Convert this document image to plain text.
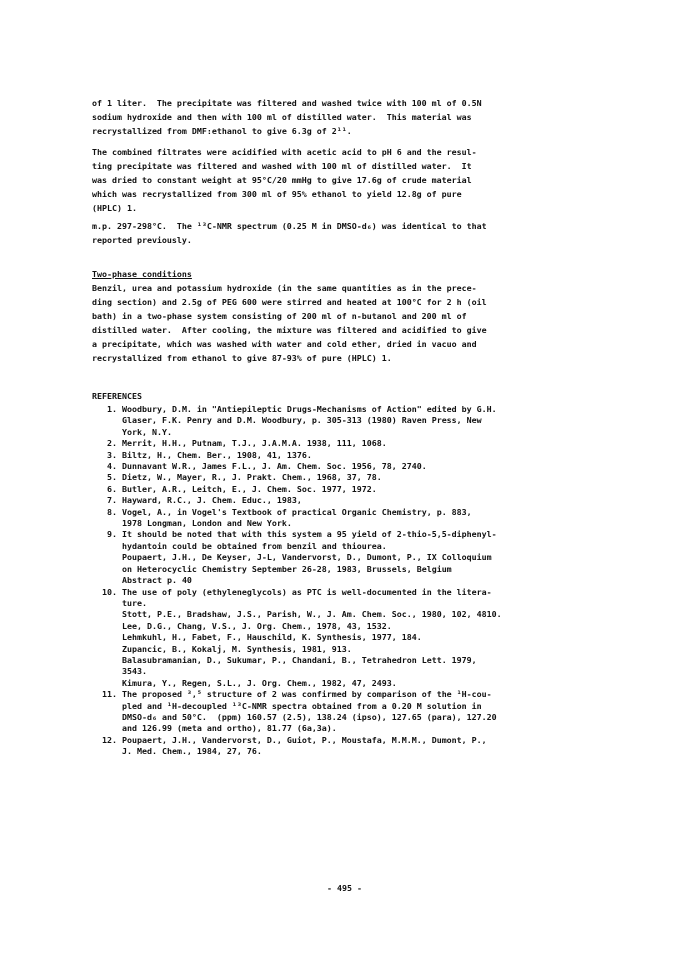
of 1 liter.  The precipitate was filtered and washed twice with 100 ml of 0.5N
sodium hydroxide and then with 100 ml of distilled water.  This material was
recrystallized from DMF:ethanol to give 6.3g of 2¹¹.

The combined filtrates were acidified with acetic acid to pH 6 and the resul-
ting precipitate was filtered and washed with 100 ml of distilled water.  It
was dried to constant weight at 95°C/20 mmHg to give 17.6g of crude material
which was recrystallized from 300 ml of 95% ethanol to yield 12.8g of pure
(HPLC) 1.

m.p. 297-298°C.  The ¹³C-NMR spectrum (0.25 M in DMSO-d₆) was identical to that
reported previously.

Two-phase conditions

Benzil, urea and potassium hydroxide (in the same quantities as in the prece-
ding section) and 2.5g of PEG 600 were stirred and heated at 100°C for 2 h (oil
bath) in a two-phase system consisting of 200 ml of n-butanol and 200 ml of
distilled water.  After cooling, the mixture was filtered and acidified to give
a precipitate, which was washed with water and cold ether, dried in vacuo and
recrystallized from ethanol to give 87-93% of pure (HPLC) 1.

REFERENCES

1. Woodbury, D.M. in "Antiepileptic Drugs-Mechanisms of Action" edited by G.H.
Glaser, F.K. Penry and D.M. Woodbury, p. 305-313 (1980) Raven Press, New
York, N.Y.
2. Merrit, H.H., Putnam, T.J., J.A.M.A. 1938, 111, 1068.
3. Biltz, H., Chem. Ber., 1908, 41, 1376.
4. Dunnavant W.R., James F.L., J. Am. Chem. Soc. 1956, 78, 2740.
5. Dietz, W., Mayer, R., J. Prakt. Chem., 1968, 37, 78.
6. Butler, A.R., Leitch, E., J. Chem. Soc. 1977, 1972.
7. Hayward, R.C., J. Chem. Educ., 1983,
8. Vogel, A., in Vogel's Textbook of practical Organic Chemistry, p. 883,
1978 Longman, London and New York.
9. It should be noted that with this system a 95 yield of 2-thio-5,5-diphenyl-
hydantoin could be obtained from benzil and thiourea.
Poupaert, J.H., De Keyser, J-L, Vandervorst, D., Dumont, P., IX Colloquium
on Heterocyclic Chemistry September 26-28, 1983, Brussels, Belgium
Abstract p. 40
10. The use of poly (ethyleneglycols) as PTC is well-documented in the litera-
ture.
Stott, P.E., Bradshaw, J.S., Parish, W., J. Am. Chem. Soc., 1980, 102, 4810.
Lee, D.G., Chang, V.S., J. Org. Chem., 1978, 43, 1532.
Lehmkuhl, H., Fabet, F., Hauschild, K. Synthesis, 1977, 184.
Zupancic, B., Kokalj, M. Synthesis, 1981, 913.
Balasubramanian, D., Sukumar, P., Chandani, B., Tetrahedron Lett. 1979,
3543.
Kimura, Y., Regen, S.L., J. Org. Chem., 1982, 47, 2493.
11. The proposed ³,⁵ structure of 2 was confirmed by comparison of the ¹H-cou-
pled and ¹H-decoupled ¹³C-NMR spectra obtained from a 0.20 M solution in
DMSO-d₆ and 50°C.  (ppm) 160.57 (2.5), 138.24 (ipso), 127.65 (para), 127.20
and 126.99 (meta and ortho), 81.77 (6a,3a).
12. Poupaert, J.H., Vandervorst, D., Guiot, P., Moustafa, M.M.M., Dumont, P.,
J. Med. Chem., 1984, 27, 76.
- 495 -
